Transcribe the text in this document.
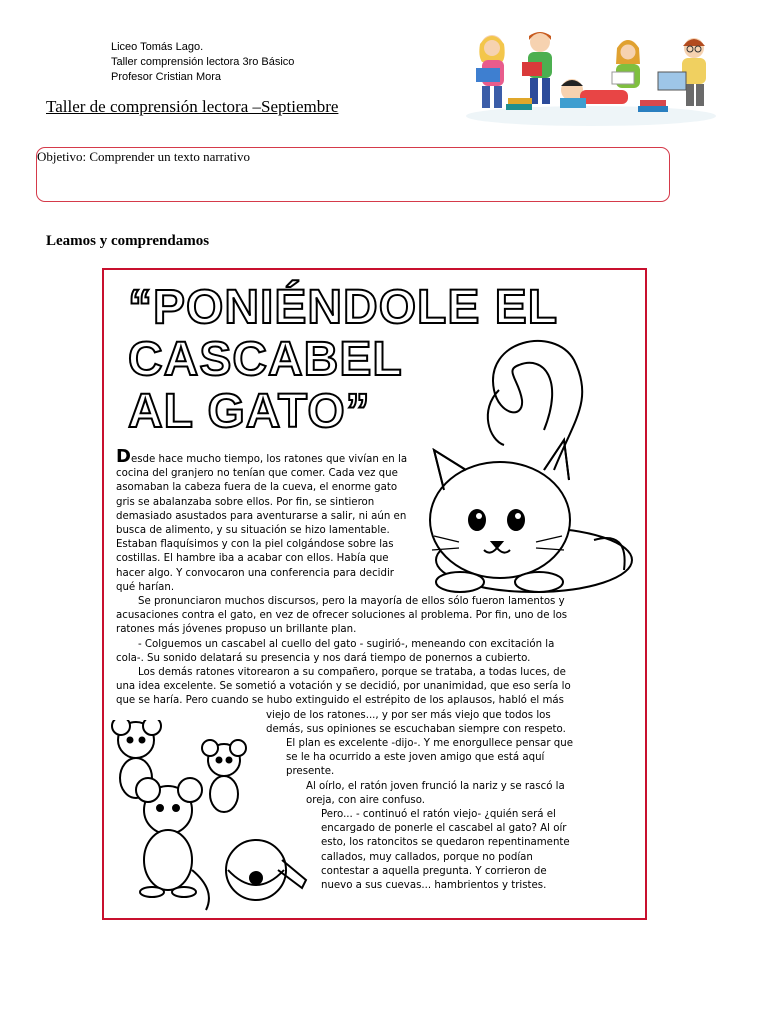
Liceo Tomás Lago.
Taller comprensión lectora 3ro Básico
Profesor Cristian Mora
Taller de comprensión lectora –Septiembre
Objetivo: Comprender un texto narrativo
Leamos y comprendamos
“PONIÉNDOLE EL
CASCABEL
AL GATO”

Desde hace mucho tiempo, los ratones que vivían en la cocina del granjero no tenían que comer. Cada vez que asomaban la cabeza fuera de la cueva, el enorme gato gris se abalanzaba sobre ellos. Por fin, se sintieron demasiado asustados para aventurarse a salir, ni aún en busca de alimento, y su situación se hizo lamentable. Estaban flaquísimos y con la piel colgándose sobre las costillas. El hambre iba a acabar con ellos. Había que hacer algo. Y convocaron una conferencia para decidir qué harían.

Se pronunciaron muchos discursos, pero la mayoría de ellos sólo fueron lamentos y acusaciones contra el gato, en vez de ofrecer soluciones al problema. Por fin, uno de los ratones más jóvenes propuso un brillante plan.

- Colguemos un cascabel al cuello del gato - sugirió-, meneando con excitación la cola-. Su sonido delatará su presencia y nos dará tiempo de ponernos a cubierto.

Los demás ratones vitorearon a su compañero, porque se trataba, a todas luces, de una idea excelente. Se sometió a votación y se decidió, por unanimidad, que eso sería lo que se haría. Pero cuando se hubo extinguido el estrépito de los aplausos, habló el más

viejo de los ratones..., y por ser más viejo que todos los demás, sus opiniones se escuchaban siempre con respeto.

El plan es excelente -dijo-. Y me enorgullece pensar que se le ha ocurrido a este joven amigo que está aquí presente.

Al oírlo, el ratón joven frunció la nariz y se rascó la oreja, con aire confuso.

Pero... - continuó el ratón viejo- ¿quién será el encargado de ponerle el cascabel al gato? Al oír esto, los ratoncitos se quedaron repentinamente callados, muy callados, porque no podían contestar a aquella pregunta. Y corrieron de nuevo a sus cuevas... hambrientos y tristes.
